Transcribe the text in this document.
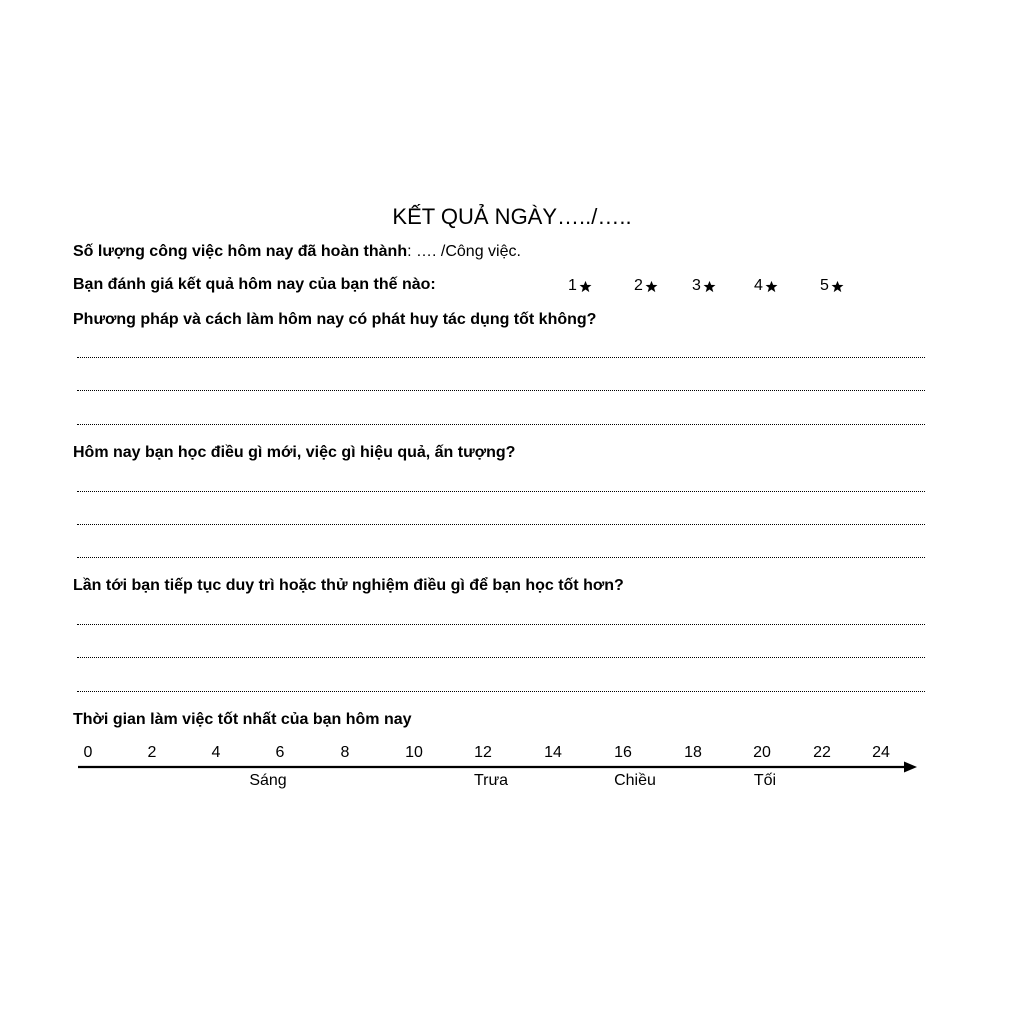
KẾT QUẢ NGÀY…../…..
Số lượng công việc hôm nay đã hoàn thành: …. /Công việc.
Bạn đánh giá kết quả hôm nay của bạn thế nào:	1	2	3	4	5
Phương pháp và cách làm hôm nay có phát huy tác dụng tốt không?
Hôm nay bạn học điều gì mới, việc gì hiệu quả, ấn tượng?
Lần tới bạn tiếp tục duy trì hoặc thử nghiệm điều gì để bạn học tốt hơn?
Thời gian làm việc tốt nhất của bạn hôm nay
0	2	4	6	8	10	12	14	16	18	20	22	24
Sáng	Trưa	Chiều	Tối
